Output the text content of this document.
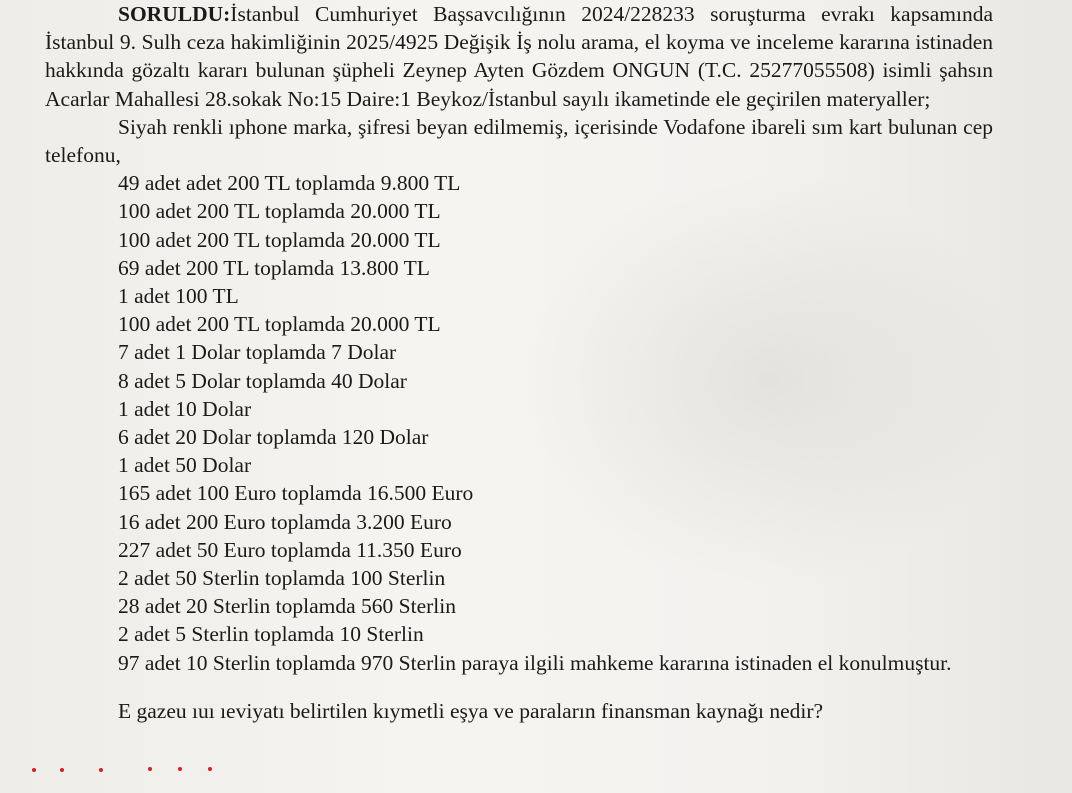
SORULDU:İstanbul Cumhuriyet Başsavcılığının 2024/228233 soruşturma evrakı kapsamında İstanbul 9. Sulh ceza hakimliğinin 2025/4925 Değişik İş nolu arama, el koyma ve inceleme kararına istinaden hakkında gözaltı kararı bulunan şüpheli Zeynep Ayten Gözdem ONGUN (T.C. 25277055508) isimli şahsın Acarlar Mahallesi 28.sokak No:15 Daire:1 Beykoz/İstanbul sayılı ikametinde ele geçirilen materyaller;

Siyah renkli ıphone marka, şifresi beyan edilmemiş, içerisinde Vodafone ibareli sım kart bulunan cep telefonu,

49 adet adet 200 TL toplamda 9.800 TL
100 adet 200 TL toplamda 20.000 TL
100 adet 200 TL toplamda 20.000 TL
69 adet 200 TL toplamda 13.800 TL
1 adet 100 TL
100 adet 200 TL toplamda 20.000 TL
7 adet 1 Dolar toplamda 7 Dolar
8 adet 5 Dolar toplamda 40 Dolar
1 adet 10 Dolar
6 adet 20 Dolar toplamda 120 Dolar
1 adet 50 Dolar
165 adet 100 Euro toplamda 16.500 Euro
16 adet 200 Euro toplamda 3.200 Euro
227 adet 50 Euro toplamda 11.350 Euro
2 adet 50 Sterlin toplamda 100 Sterlin
28 adet 20 Sterlin toplamda 560 Sterlin
2 adet 5 Sterlin toplamda 10 Sterlin

97 adet 10 Sterlin toplamda 970 Sterlin paraya ilgili mahkeme kararına istinaden el konulmuştur.

E gazeu ıuı ıeviyatı belirtilen kıymetli eşya ve paraların finansman kaynağı nedir?
